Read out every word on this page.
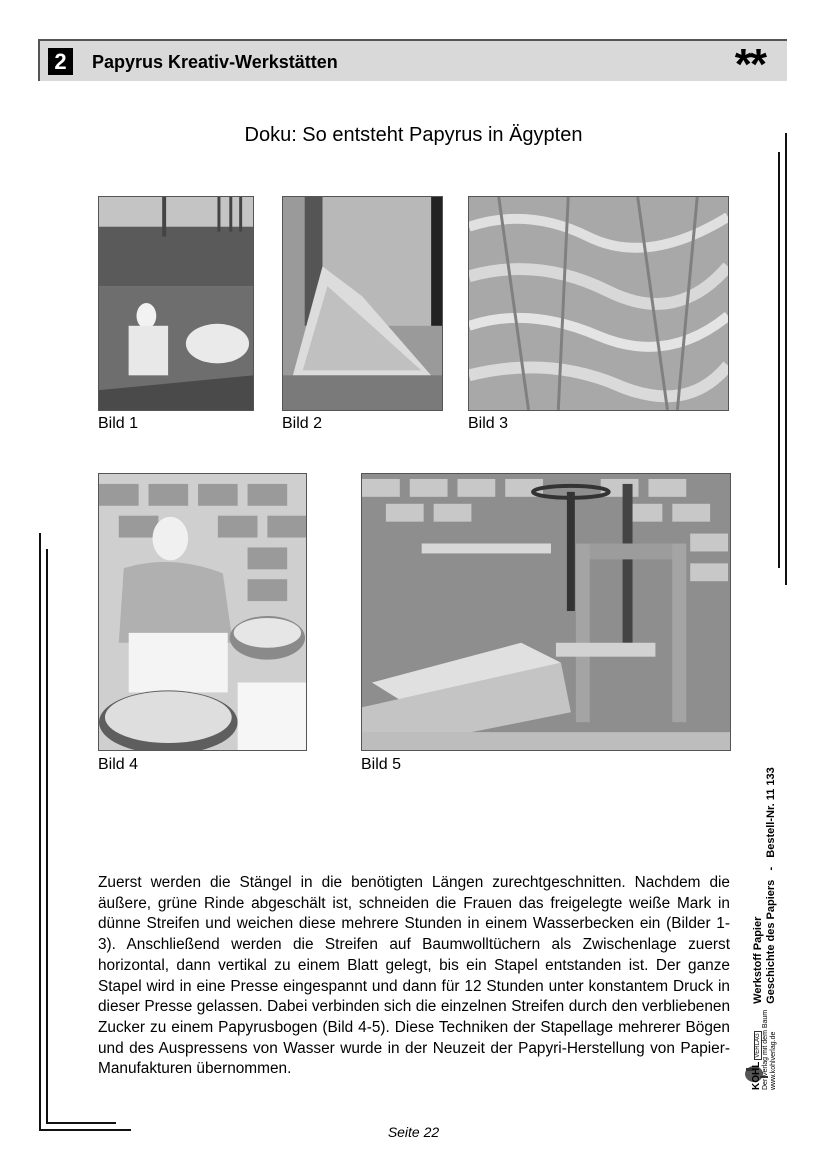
2	Papyrus Kreativ-Werkstätten	**
Doku: So entsteht Papyrus in Ägypten
Bild 1	Bild 2	Bild 3
Bild 4	Bild 5
Zuerst werden die Stängel in die benötigten Längen zurechtgeschnitten. Nachdem die äußere, grüne Rinde abgeschält ist, schneiden die Frauen das freigelegte weiße Mark in dünne Streifen und weichen diese mehrere Stunden in einem Wasserbecken ein (Bilder 1-3). Anschließend werden die Streifen auf Baumwolltüchern als Zwischenlage zuerst horizontal, dann vertikal zu einem Blatt gelegt, bis ein Stapel entstanden ist. Der ganze Stapel wird in eine Presse eingespannt und dann für 12 Stunden unter konstantem Druck in dieser Presse gelassen. Dabei verbinden sich die einzelnen Streifen durch den verbliebenen Zucker zu einem Papyrusbogen (Bild 4-5). Diese Techniken der Stapellage mehrerer Bögen und des Auspressens von Wasser wurde in der Neuzeit der Papyri-Herstellung von Papier-Manufakturen übernommen.	KOHL VERLAG Der Verlag mit dem Baum www.kohlverlag.de
Werkstoff Papier Geschichte des Papiers   -   Bestell-Nr. 11 133
Seite 22
